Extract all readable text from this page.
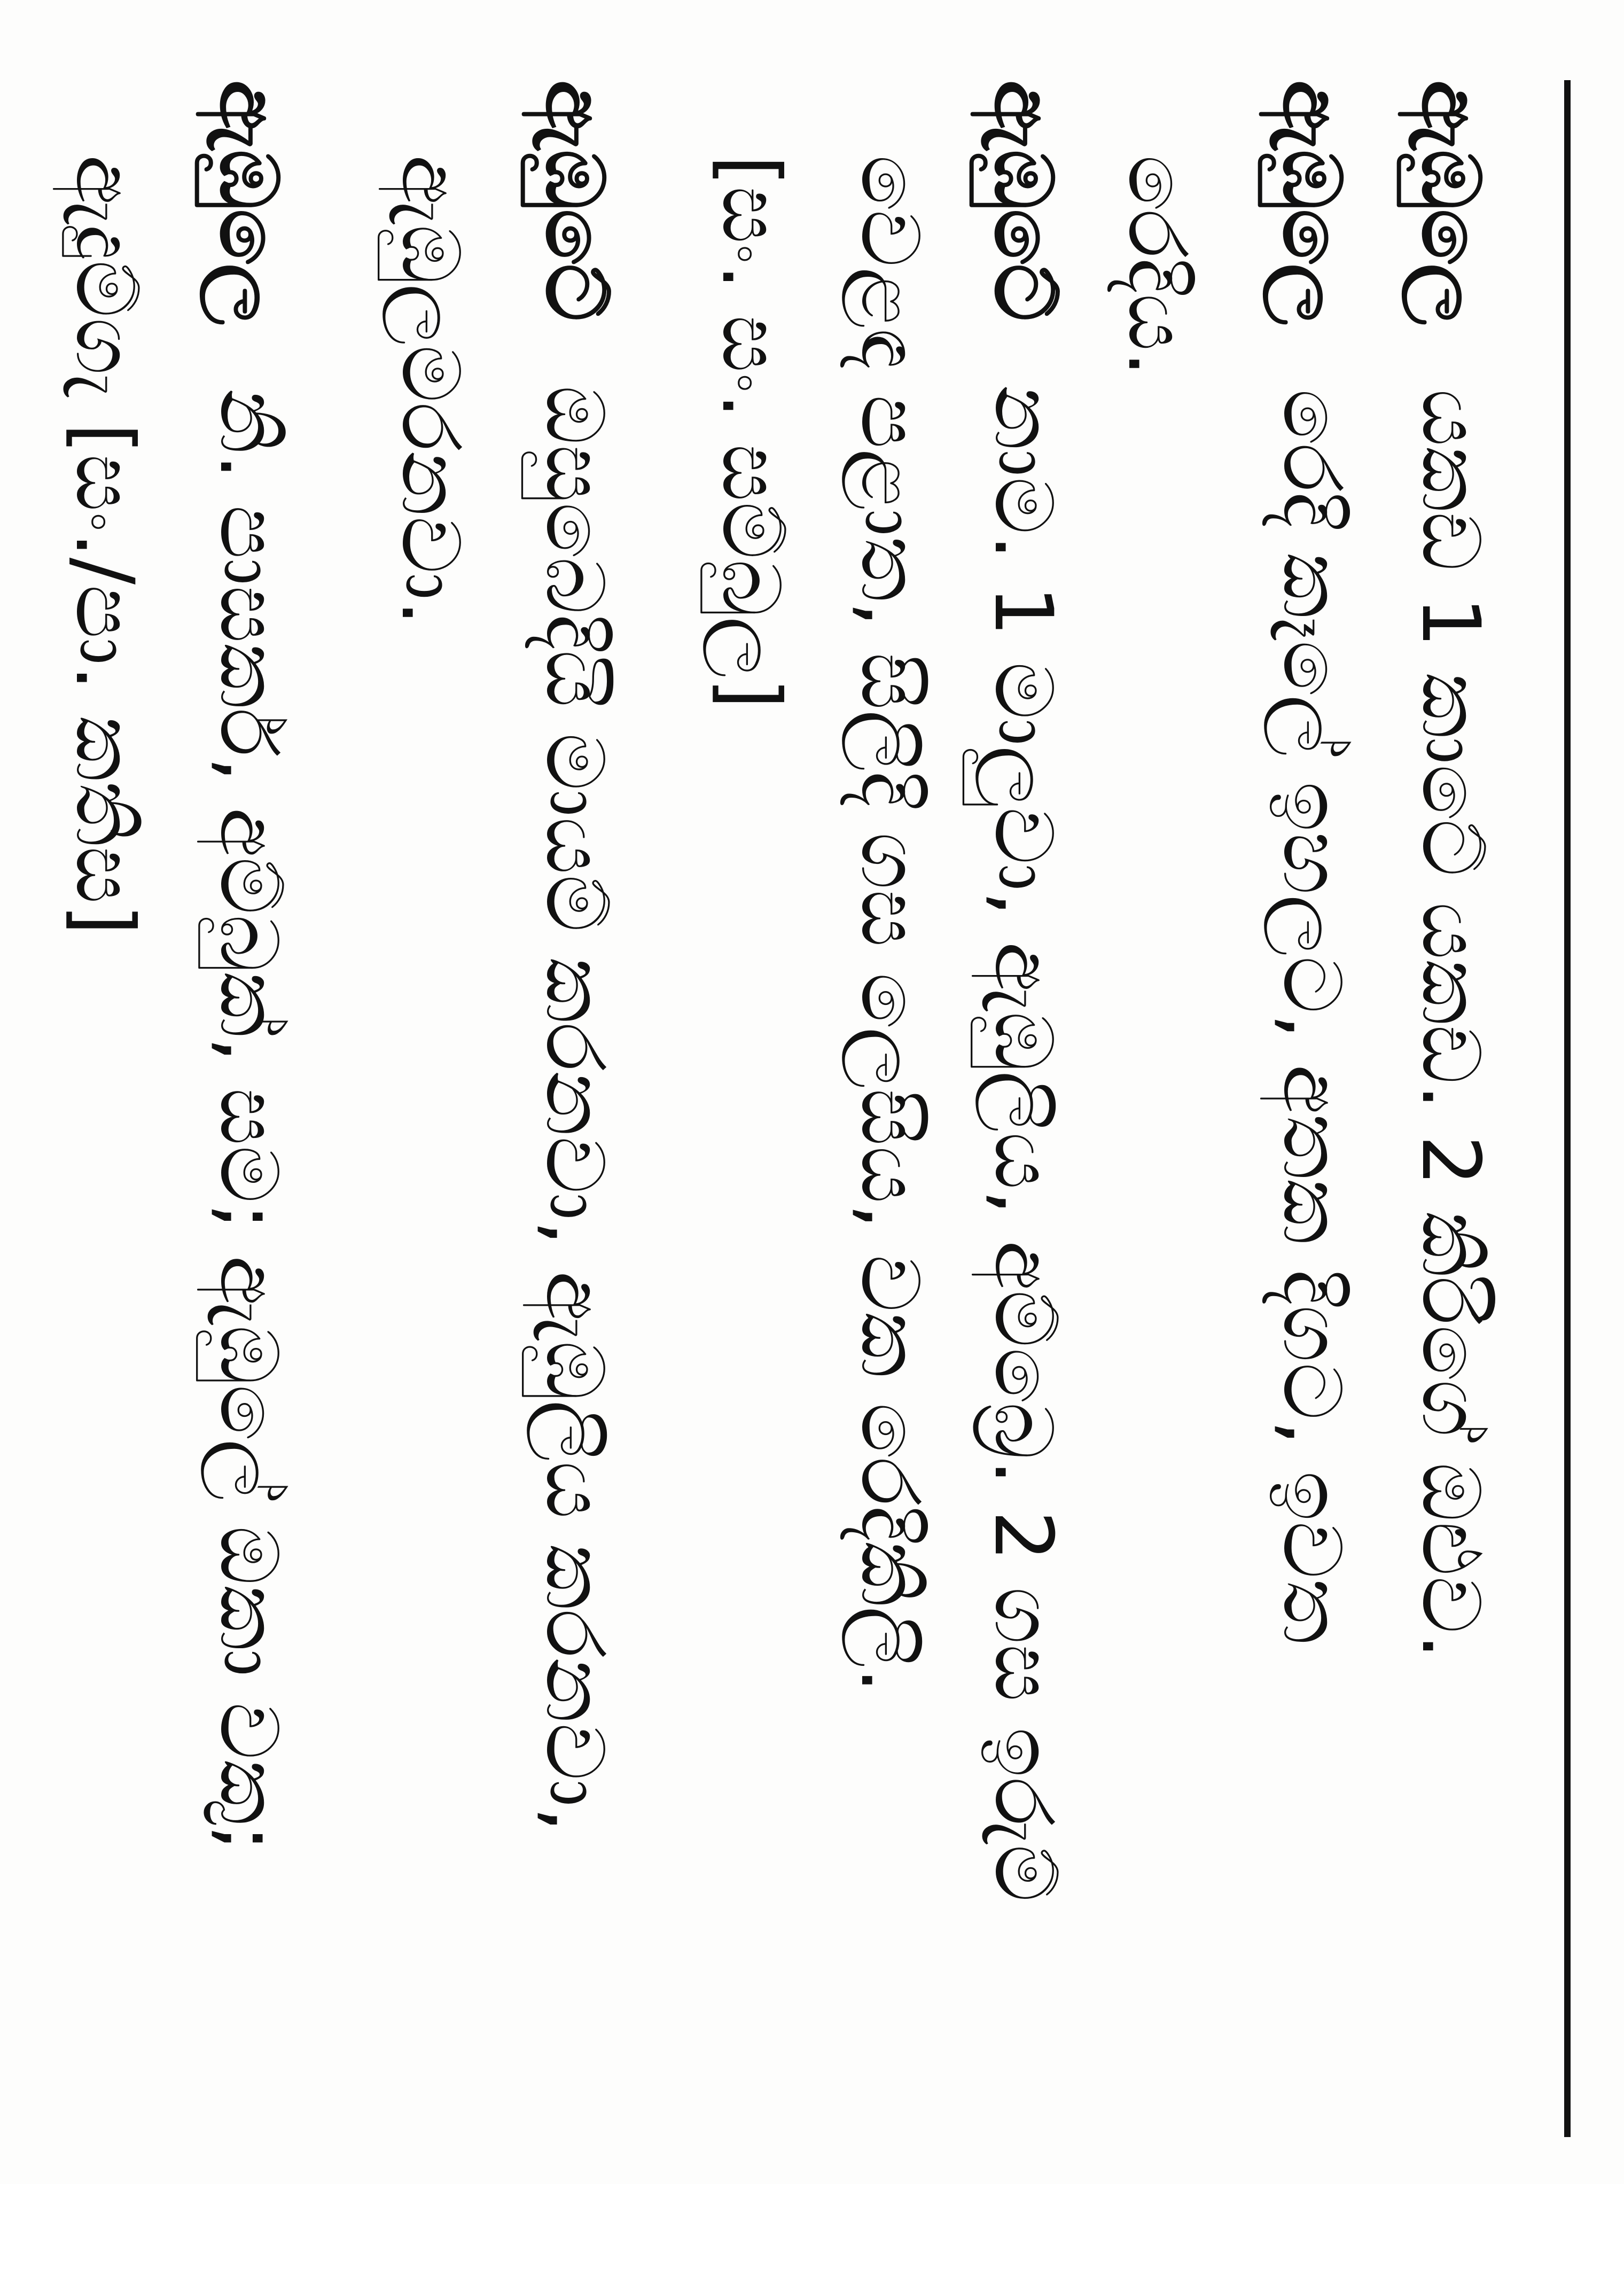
ඇඹුලෙයකඩ 1 කාටේ යකඩ. 2 කිරිගේ ඔළුව.
ඇඹුලෙරෙදි කෑලේ ඉහලට, අතක දිගට, ඉවත
රෙදිය.
ඇඹුටේනාම. 1 මාලුවා, ඇඹුලිය, අම්බ්‍රෙ. 2 ගස ඉරුම්
වෙළඳ පළාත, සිලිදි ගස ලෙසිය, වක රෙදිකිලි.
[සං. සං. සම්බුල]
ඇඹුටේඔසුබෙදියි මායම් කරනවා, ඇඹුලිය කරනවා,
ඇඹුලමරනවා.
ඇඹුලෙනි. පාසකර්, අම්බුක්, සම; ඇඹුලේ ඔකා වකු;
ඇදුම්ගැ [සං./පා. කතිස]
